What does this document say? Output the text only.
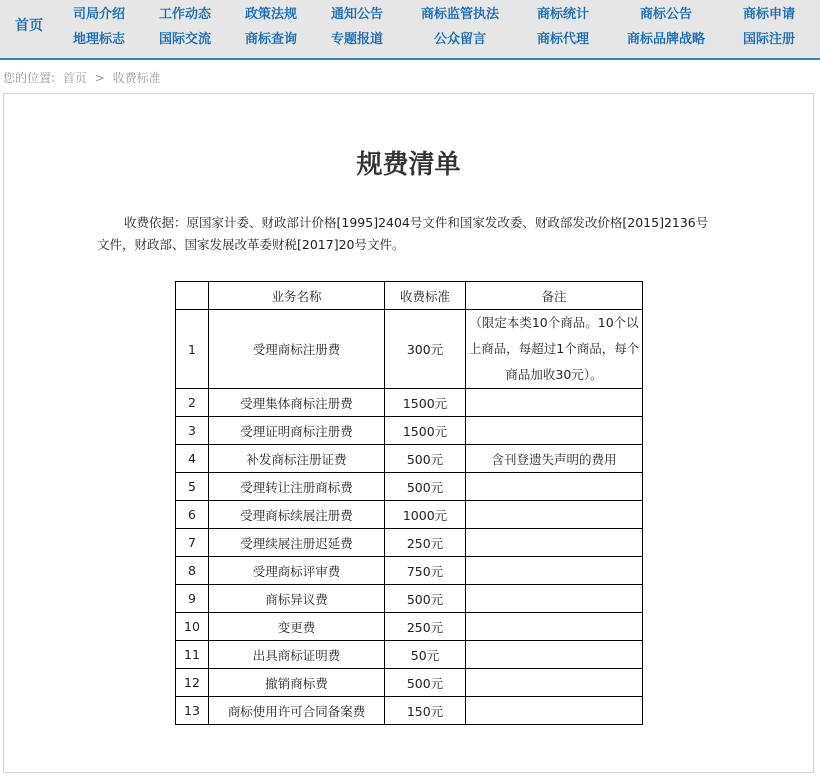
首页
司局介绍	工作动态	政策法规	通知公告	商标监管执法	商标统计	商标公告	商标申请
地理标志	国际交流	商标查询	专题报道	公众留言	商标代理	商标品牌战略	国际注册
您的位置: 首页 > 收费标准
规费清单
收费依据：原国家计委、财政部计价格[1995]2404号文件和国家发改委、财政部发改价格[2015]2136号文件，财政部、国家发展改革委财税[2017]20号文件。
	业务名称	收费标准	备注
1	受理商标注册费	300元	（限定本类10个商品。10个以上商品，每超过1个商品，每个商品加收30元）。
2	受理集体商标注册费	1500元	
3	受理证明商标注册费	1500元	
4	补发商标注册证费	500元	含刊登遗失声明的费用
5	受理转让注册商标费	500元	
6	受理商标续展注册费	1000元	
7	受理续展注册迟延费	250元	
8	受理商标评审费	750元	
9	商标异议费	500元	
10	变更费	250元	
11	出具商标证明费	50元	
12	撤销商标费	500元	
13	商标使用许可合同备案费	150元	
